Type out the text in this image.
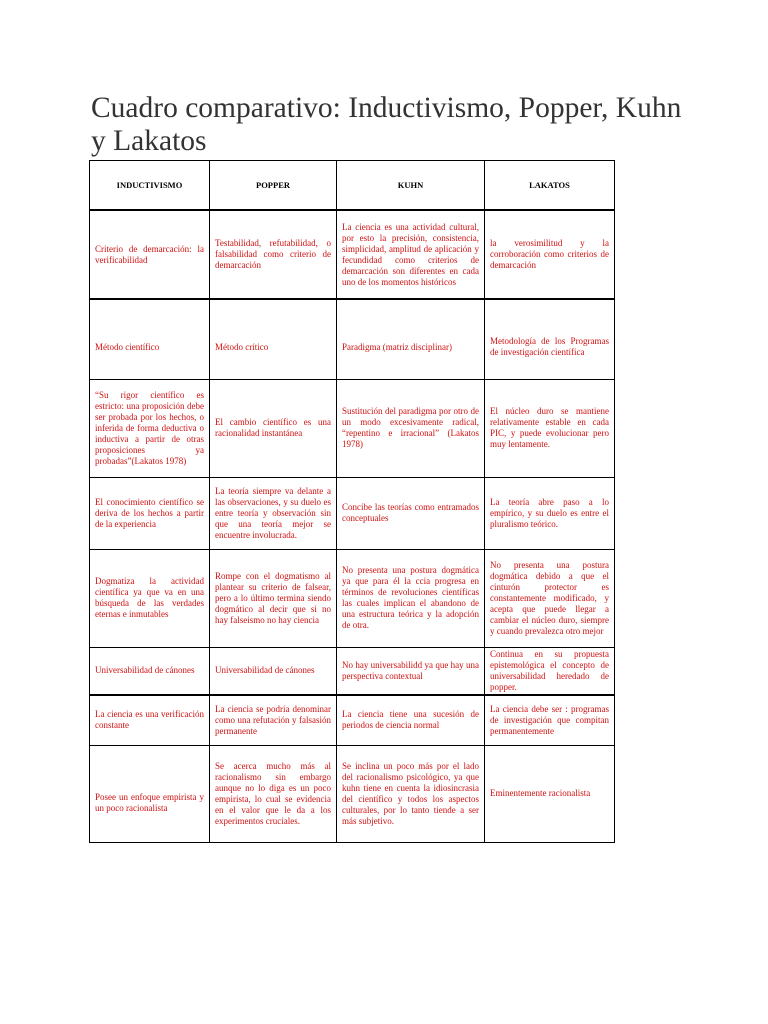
Cuadro comparativo: Inductivismo, Popper, Kuhn y Lakatos
INDUCTIVISMO	POPPER	KUHN	LAKATOS
Criterio de demarcación: la verificabilidad	Testabilidad, refutabilidad, o falsabilidad como criterio de demarcación	La ciencia es una actividad cultural, por esto la precisión, consistencia, simplicidad, amplitud de aplicación y fecundidad como criterios de demarcación son diferentes en cada uno de los momentos históricos	la verosimilitud y la corroboración como criterios de demarcación
Método científico	Método crítico	Paradigma (matriz disciplinar)	Metodología de los Programas de investigación científica
“Su rigor científico es estricto: una proposición debe ser probada por los hechos, o inferida de forma deductiva o inductiva a partir de otras proposiciones ya probadas”(Lakatos 1978)	El cambio científico es una racionalidad instantánea	Sustitución del paradigma por otro de un modo excesivamente radical, “repentino e irracional” (Lakatos 1978)	El núcleo duro se mantiene relativamente estable en cada PIC, y puede evolucionar pero muy lentamente.
El conocimiento científico se deriva de los hechos a partir de la experiencia	La teoría siempre va delante a las observaciones, y su duelo es entre teoría y observación sin que una teoría mejor se encuentre involucrada.	Concibe las teorías como entramados conceptuales	La teoría abre paso a lo empírico, y su duelo es entre el pluralismo teórico.
Dogmatiza la actividad científica ya que va en una búsqueda de las verdades eternas e inmutables	Rompe con el dogmatismo al plantear su criterio de falsear, pero a lo último termina siendo dogmático al decir que si no hay falseismo no hay ciencia	No presenta una postura dogmática ya que para él la ccia progresa en términos de revoluciones científicas las cuales implican el abandono de una estructura teórica y la adopción de otra.	No presenta una postura dogmática debido a que el cinturón protector es constantemente modificado, y acepta que puede llegar a cambiar el núcleo duro, siempre y cuando prevalezca otro mejor
Universabilidad de cánones	Universabilidad de cánones	No hay universabilidd ya que hay una perspectiva contextual	Continua en su propuesta epistemológica el concepto de universabilidad heredado de popper.
La ciencia es una verificación constante	La ciencia se podría denominar como una refutación y falsasión permanente	La ciencia tiene una sucesión de periodos de ciencia normal	La ciencia debe ser : programas de investigación que compitan permanentemente
Posee un enfoque empirista y un poco racionalista	Se acerca mucho más al racionalismo sin embargo aunque no lo diga es un poco empirista, lo cual se evidencia en el valor que le da a los experimentos cruciales.	Se inclina un poco más por el lado del racionalismo psicológico, ya que kuhn tiene en cuenta la idiosincrasia del científico y todos los aspectos culturales, por lo tanto tiende a ser más subjetivo.	Eminentemente racionalista
